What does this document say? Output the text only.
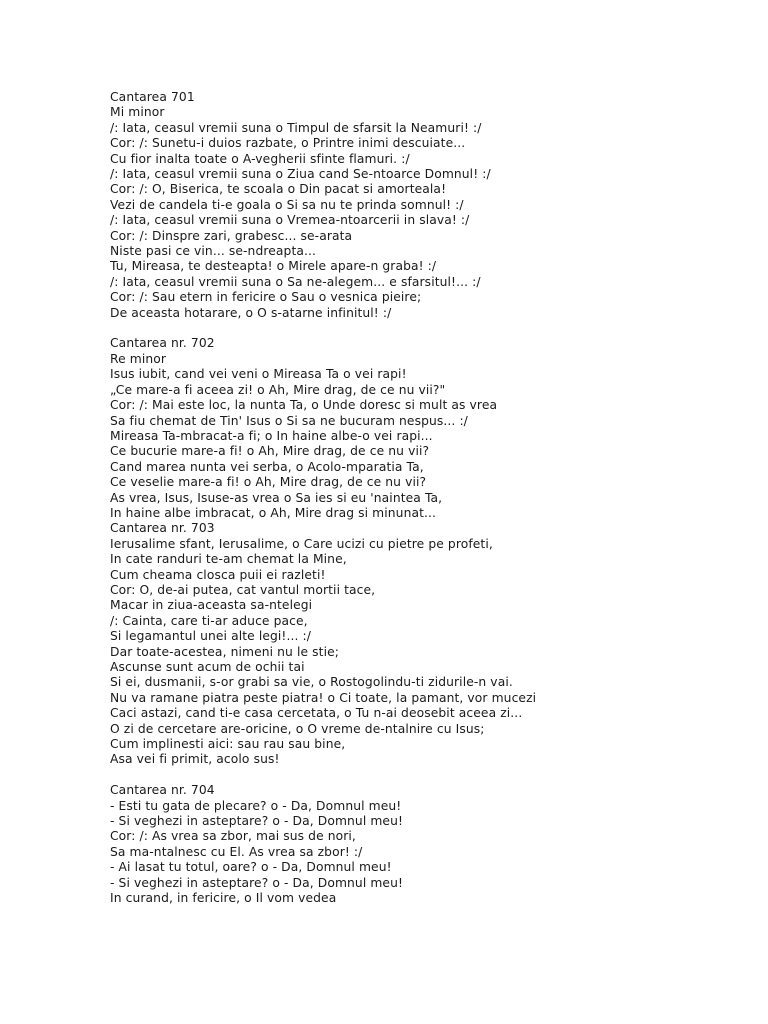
Cantarea 701
Mi minor
/: Iata, ceasul vremii suna o Timpul de sfarsit la Neamuri! :/
Cor: /: Sunetu-i duios razbate, o Printre inimi descuiate...
Cu fior inalta toate o A-vegherii sfinte flamuri. :/
/: Iata, ceasul vremii suna o Ziua cand Se-ntoarce Domnul! :/
Cor: /: O, Biserica, te scoala o Din pacat si amorteala!
Vezi de candela ti-e goala o Si sa nu te prinda somnul! :/
/: Iata, ceasul vremii suna o Vremea-ntoarcerii in slava! :/
Cor: /: Dinspre zari, grabesc... se-arata
Niste pasi ce vin... se-ndreapta...
Tu, Mireasa, te desteapta! o Mirele apare-n graba! :/
/: Iata, ceasul vremii suna o Sa ne-alegem... e sfarsitul!... :/
Cor: /: Sau etern in fericire o Sau o vesnica pieire;
De aceasta hotarare, o O s-atarne infinitul! :/
Cantarea nr. 702
Re minor
Isus iubit, cand vei veni o Mireasa Ta o vei rapi!
„Ce mare-a fi aceea zi! o Ah, Mire drag, de ce nu vii?"
Cor: /: Mai este loc, la nunta Ta, o Unde doresc si mult as vrea
Sa fiu chemat de Tin' Isus o Si sa ne bucuram nespus... :/
Mireasa Ta-mbracat-a fi; o In haine albe-o vei rapi...
Ce bucurie mare-a fi! o Ah, Mire drag, de ce nu vii?
Cand marea nunta vei serba, o Acolo-mparatia Ta,
Ce veselie mare-a fi! o Ah, Mire drag, de ce nu vii?
As vrea, Isus, Isuse-as vrea o Sa ies si eu 'naintea Ta,
In haine albe imbracat, o Ah, Mire drag si minunat...
Cantarea nr. 703
Ierusalime sfant, Ierusalime, o Care ucizi cu pietre pe profeti,
In cate randuri te-am chemat la Mine,
Cum cheama closca puii ei razleti!
Cor: O, de-ai putea, cat vantul mortii tace,
Macar in ziua-aceasta sa-ntelegi
/: Cainta, care ti-ar aduce pace,
Si legamantul unei alte legi!... :/
Dar toate-acestea, nimeni nu le stie;
Ascunse sunt acum de ochii tai
Si ei, dusmanii, s-or grabi sa vie, o Rostogolindu-ti zidurile-n vai.
Nu va ramane piatra peste piatra! o Ci toate, la pamant, vor mucezi
Caci astazi, cand ti-e casa cercetata, o Tu n-ai deosebit aceea zi...
O zi de cercetare are-oricine, o O vreme de-ntalnire cu Isus;
Cum implinesti aici: sau rau sau bine,
Asa vei fi primit, acolo sus!
Cantarea nr. 704
- Esti tu gata de plecare? o - Da, Domnul meu!
- Si veghezi in asteptare? o - Da, Domnul meu!
Cor: /: As vrea sa zbor, mai sus de nori,
Sa ma-ntalnesc cu El. As vrea sa zbor! :/
- Ai lasat tu totul, oare? o - Da, Domnul meu!
- Si veghezi in asteptare? o - Da, Domnul meu!
In curand, in fericire, o Il vom vedea
